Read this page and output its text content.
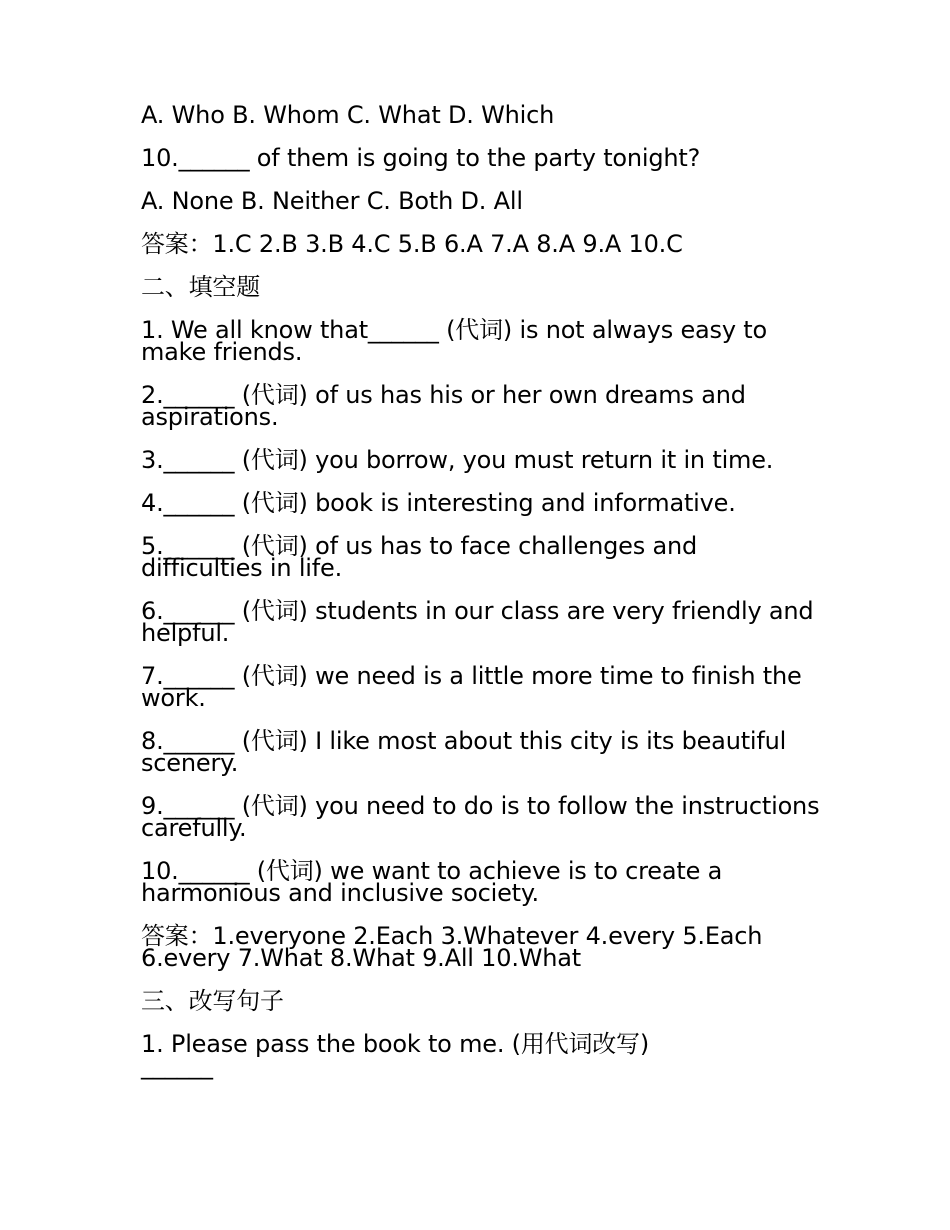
A. Who B. Whom C. What D. Which

10.______ of them is going to the party tonight?

A. None B. Neither C. Both D. All

答案：1.C 2.B 3.B 4.C 5.B 6.A 7.A 8.A 9.A 10.C

二、填空题

1. We all know that______ (代词) is not always easy to make friends.

2.______ (代词) of us has his or her own dreams and aspirations.

3.______ (代词) you borrow, you must return it in time.

4.______ (代词) book is interesting and informative.

5.______ (代词) of us has to face challenges and difficulties in life.

6.______ (代词) students in our class are very friendly and helpful.

7.______ (代词) we need is a little more time to finish the work.

8.______ (代词) I like most about this city is its beautiful scenery.

9.______ (代词) you need to do is to follow the instructions carefully.

10.______ (代词) we want to achieve is to create a harmonious and inclusive society.

答案：1.everyone 2.Each 3.Whatever 4.every 5.Each 6.every 7.What 8.What 9.All 10.What

三、改写句子

1. Please pass the book to me. (用代词改写)

______
